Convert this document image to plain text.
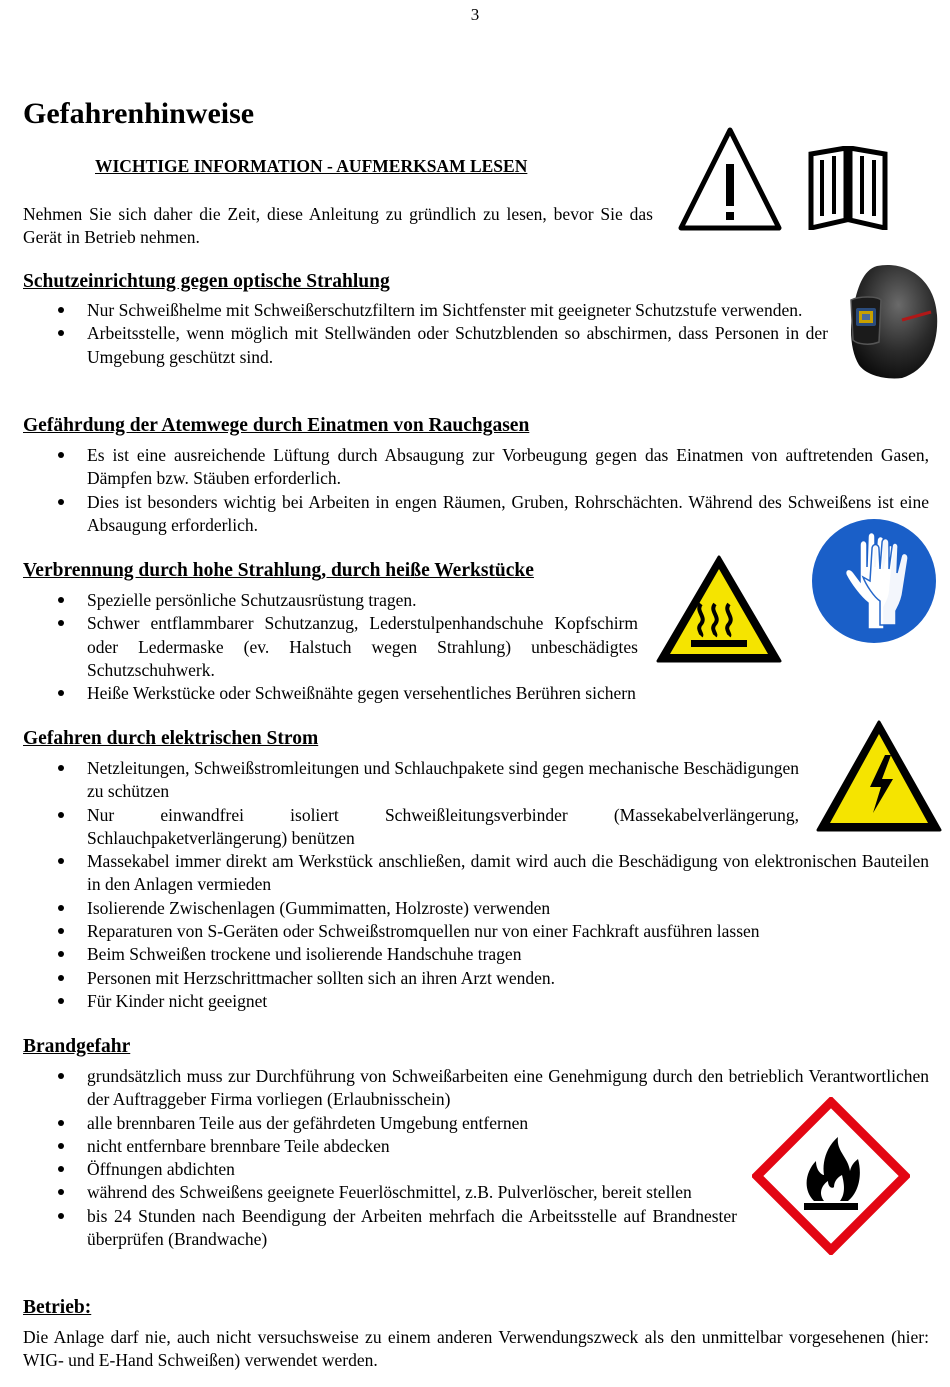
3
Gefahrenhinweise
WICHTIGE INFORMATION - AUFMERKSAM LESEN
Nehmen Sie sich daher die Zeit, diese Anleitung zu gründlich zu lesen, bevor Sie das Gerät in Betrieb nehmen.
Schutzeinrichtung gegen optische Strahlung
Nur Schweißhelme mit Schweißerschutzfiltern im Sichtfenster mit geeigneter Schutzstufe verwenden.
Arbeitsstelle, wenn möglich mit Stellwänden oder Schutzblenden so abschirmen, dass Personen in der Umgebung geschützt sind.
Gefährdung der Atemwege durch Einatmen von Rauchgasen
Es ist eine ausreichende Lüftung durch Absaugung zur Vorbeugung gegen das Einatmen von auftretenden Gasen, Dämpfen bzw. Stäuben erforderlich.
Dies ist besonders wichtig bei Arbeiten in engen Räumen, Gruben, Rohrschächten. Während des Schweißens ist eine Absaugung erforderlich.
Verbrennung durch hohe Strahlung, durch heiße Werkstücke
Spezielle persönliche Schutzausrüstung tragen.
Schwer entflammbarer Schutzanzug, Lederstulpenhandschuhe Kopfschirm oder Ledermaske (ev. Halstuch wegen Strahlung) unbeschädigtes Schutzschuhwerk.
Heiße Werkstücke oder Schweißnähte gegen versehentliches Berühren sichern
Gefahren durch elektrischen Strom
Netzleitungen, Schweißstromleitungen und Schlauchpakete sind gegen mechanische Beschädigungen zu schützen
Nur einwandfrei isoliert Schweißleitungsverbinder (Massekabelverlängerung, Schlauchpaketverlängerung) benützen
Massekabel immer direkt am Werkstück anschließen, damit wird auch die Beschädigung von elektronischen Bauteilen in den Anlagen vermieden
Isolierende Zwischenlagen (Gummimatten, Holzroste) verwenden
Reparaturen von S-Geräten oder Schweißstromquellen nur von einer Fachkraft ausführen lassen
Beim Schweißen trockene und isolierende Handschuhe tragen
Personen mit Herzschrittmacher sollten sich an ihren Arzt wenden.
Für Kinder nicht geeignet
Brandgefahr
grundsätzlich muss zur Durchführung von Schweißarbeiten eine Genehmigung durch den betrieblich Verantwortlichen der Auftraggeber Firma vorliegen (Erlaubnisschein)
alle brennbaren Teile aus der gefährdeten Umgebung entfernen
nicht entfernbare brennbare Teile abdecken
Öffnungen abdichten
während des Schweißens geeignete Feuerlöschmittel, z.B. Pulverlöscher, bereit stellen
bis 24 Stunden nach Beendigung der Arbeiten mehrfach die Arbeitsstelle auf Brandnester überprüfen (Brandwache)
Betrieb:
Die Anlage darf nie, auch nicht versuchsweise zu einem anderen Verwendungszweck als den unmittelbar vorgesehenen (hier: WIG- und E-Hand Schweißen) verwendet werden.
